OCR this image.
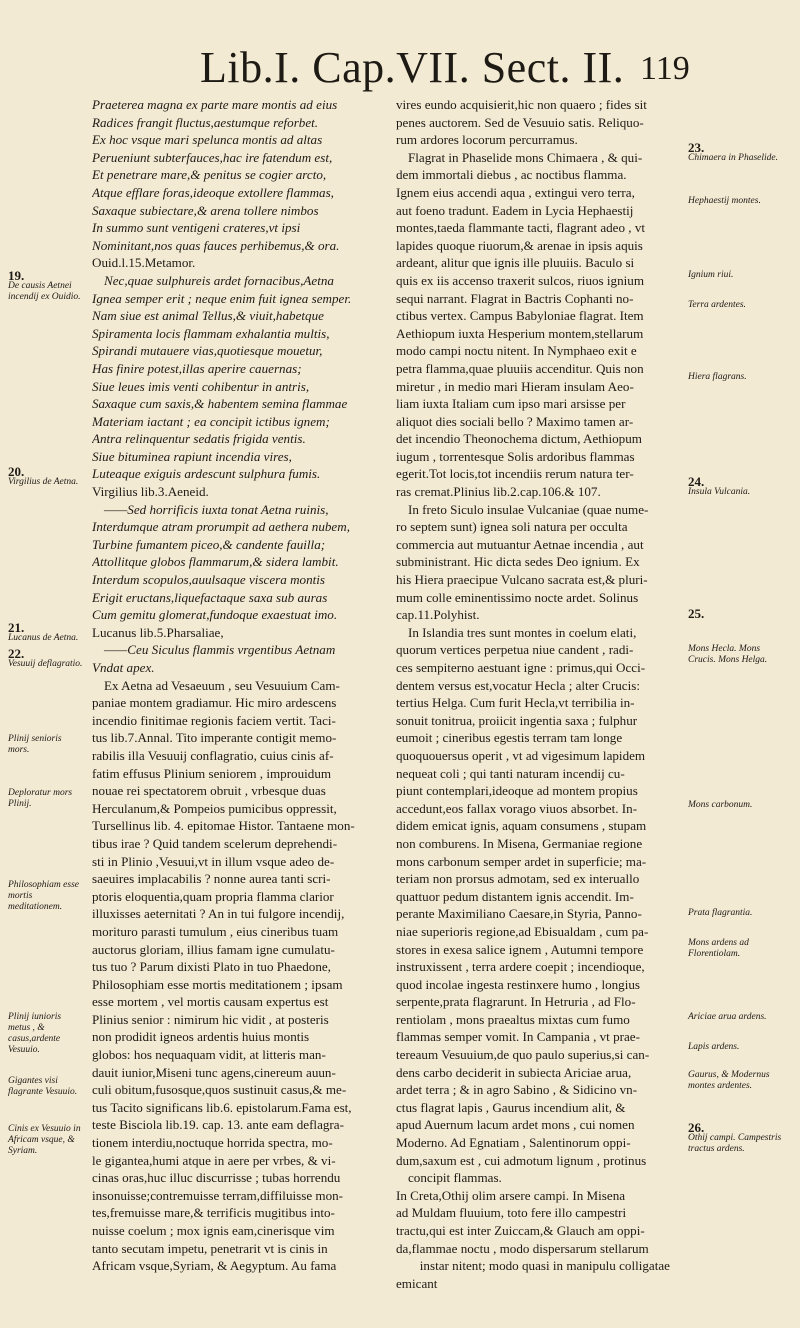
Lib.I. Cap.VII. Sect. II. 119

Praeterea magna ex parte mare montis ad eius

Radices frangit fluctus,aestumque reforbet.

Ex hoc vsque mari spelunca montis ad altas

Perueniunt subterfauces,hac ire fatendum est,

Et penetrare mare,& penitus se cogier arcto,

Atque efflare foras,ideoque extollere flammas,

Saxaque subiectare,& arena tollere nimbos

In summo sunt ventigeni crateres,vt ipsi

Nominitant,nos quas fauces perhibemus,& ora.

Ouid.l.15.Metamor.

Nec,quae sulphureis ardet fornacibus,Aetna

Ignea semper erit ; neque enim fuit ignea semper.

Nam siue est animal Tellus,& viuit,habetque

Spiramenta locis flammam exhalantia multis,

Spirandi mutauere vias,quotiesque mouetur,

Has finire potest,illas aperire cauernas;

Siue leues imis venti cohibentur in antris,

Saxaque cum saxis,& habentem semina flammae

Materiam iactant ; ea concipit ictibus ignem;

Antra relinquentur sedatis frigida ventis.

Siue bituminea rapiunt incendia vires,

Luteaque exiguis ardescunt sulphura fumis.

Virgilius lib.3.Aeneid.

——Sed horrificis iuxta tonat Aetna ruinis,

Interdumque atram prorumpit ad aethera nubem,

Turbine fumantem piceo,& candente fauilla;

Attollitque globos flammarum,& sidera lambit.

Interdum scopulos,auulsaque viscera montis

Erigit eructans,liquefactaque saxa sub auras

Cum gemitu glomerat,fundoque exaestuat imo.

Lucanus lib.5.Pharsaliae,

——Ceu Siculus flammis vrgentibus Aetnam

Vndat apex.

Ex Aetna ad Vesaeuum , seu Vesuuium Cam-

paniae montem gradiamur. Hic miro ardescens

incendio finitimae regionis faciem vertit. Taci-

tus lib.7.Annal. Tito imperante contigit memo-

rabilis illa Vesuuij conflagratio, cuius cinis af-

fatim effusus Plinium seniorem , improuidum

nouae rei spectatorem obruit , vrbesque duas

Herculanum,& Pompeios pumicibus oppressit,

Tursellinus lib. 4. epitomae Histor. Tantaene mon-

tibus irae ? Quid tandem scelerum deprehendi-

sti in Plinio ,Vesuui,vt in illum vsque adeo de-

saeuires implacabilis ? nonne aurea tanti scri-

ptoris eloquentia,quam propria flamma clarior

illuxisses aeternitati ? An in tui fulgore incendij,

morituro parasti tumulum , eius cineribus tuam

auctorus gloriam, illius famam igne cumulatu-

tus tuo ? Parum dixisti Plato in tuo Phaedone,

Philosophiam esse mortis meditationem ; ipsam

esse mortem , vel mortis causam expertus est

Plinius senior : nimirum hic vidit , at posteris

non prodidit igneos ardentis huius montis

globos: hos nequaquam vidit, at litteris man-

dauit iunior,Miseni tunc agens,cinereum auun-

culi obitum,fusosque,quos sustinuit casus,& me-

tus Tacito significans lib.6. epistolarum.Fama est,

teste Bisciola lib.19. cap. 13. ante eam deflagra-

tionem interdiu,noctuque horrida spectra, mo-

le gigantea,humi atque in aere per vrbes, & vi-

cinas oras,huc illuc discurrisse ; tubas horrendu

insonuisse;contremuisse terram,diffiluisse mon-

tes,fremuisse mare,& terrificis mugitibus into-

nuisse coelum ; mox ignis eam,cinerisque vim

tanto secutam impetu, penetrarit vt is cinis in

Africam vsque,Syriam, & Aegyptum. Au fama

vires eundo acquisierit,hic non quaero ; fides sit

penes auctorem. Sed de Vesuuio satis. Reliquo-

rum ardores locorum percurramus.

Flagrat in Phaselide mons Chimaera , & qui-

dem immortali diebus , ac noctibus flamma.

Ignem eius accendi aqua , extingui vero terra,

aut foeno tradunt. Eadem in Lycia Hephaestij

montes,taeda flammante tacti, flagrant adeo , vt

lapides quoque riuorum,& arenae in ipsis aquis

ardeant, alitur que ignis ille pluuiis. Baculo si

quis ex iis accenso traxerit sulcos, riuos ignium

sequi narrant. Flagrat in Bactris Cophanti no-

ctibus vertex. Campus Babyloniae flagrat. Item

Aethiopum iuxta Hesperium montem,stellarum

modo campi noctu nitent. In Nymphaeo exit e

petra flamma,quae pluuiis accenditur. Quis non

miretur , in medio mari Hieram insulam Aeo-

liam iuxta Italiam cum ipso mari arsisse per

aliquot dies sociali bello ? Maximo tamen ar-

det incendio Theonochema dictum, Aethiopum

iugum , torrentesque Solis ardoribus flammas

egerit.Tot locis,tot incendiis rerum natura ter-

ras cremat.Plinius lib.2.cap.106.& 107.

In freto Siculo insulae Vulcaniae (quae nume-

ro septem sunt) ignea soli natura per occulta

commercia aut mutuantur Aetnae incendia , aut

subministrant. Hic dicta sedes Deo ignium. Ex

his Hiera praecipue Vulcano sacrata est,& pluri-

mum colle eminentissimo nocte ardet. Solinus

cap.11.Polyhist.

In Islandia tres sunt montes in coelum elati,

quorum vertices perpetua niue candent , radi-

ces sempiterno aestuant igne : primus,qui Occi-

dentem versus est,vocatur Hecla ; alter Crucis:

tertius Helga. Cum furit Hecla,vt terribilia in-

sonuit tonitrua, proiicit ingentia saxa ; fulphur

eumoit ; cineribus egestis terram tam longe

quoquouersus operit , vt ad vigesimum lapidem

nequeat coli ; qui tanti naturam incendij cu-

piunt contemplari,ideoque ad montem propius

accedunt,eos fallax vorago viuos absorbet. In-

didem emicat ignis, aquam consumens , stupam

non comburens. In Misena, Germaniae regione

mons carbonum semper ardet in superficie; ma-

teriam non prorsus admotam, sed ex interuallo

quattuor pedum distantem ignis accendit. Im-

perante Maximiliano Caesare,in Styria, Panno-

niae superioris regione,ad Ebisualdam , cum pa-

stores in exesa salice ignem , Autumni tempore

instruxissent , terra ardere coepit ; incendioque,

quod incolae ingesta restinxere humo , longius

serpente,prata flagrarunt. In Hetruria , ad Flo-

rentiolam , mons praealtus mixtas cum fumo

flammas semper vomit. In Campania , vt prae-

tereaum Vesuuium,de quo paulo superius,si can-

dens carbo deciderit in subiecta Ariciae arua,

ardet terra ; & in agro Sabino , & Sidicino vn-

ctus flagrat lapis , Gaurus incendium alit, &

apud Auernum lacum ardet mons , cui nomen

Moderno. Ad Egnatiam , Salentinorum oppi-

dum,saxum est , cui admotum lignum , protinus

concipit flammas.

In Creta,Othij olim arsere campi. In Misena

ad Muldam fluuium, toto fere illo campestri

tractu,qui est inter Zuiccam,& Glauch am oppi-

da,flammae noctu , modo dispersarum stellarum

instar nitent; modo quasi in manipulu colligatae

emicant

19.
De causis Aetnei incendij ex Ouidio.
20.
Virgilius de Aetna.
21.
Lucanus de Aetna.
22.
Vesuuij deflagratio.
Plinij senioris mors.
Deploratur mors Plinij.
Philosophiam esse mortis meditationem.
Plinij iunioris metus , & casus,ardente Vesuuio.
Gigantes visi flagrante Vesuuio.
Cinis ex Vesuuio in Africam vsque, & Syriam.
23.
Chimaera in Phaselide.
Hephaestij montes.
Ignium riui.
Terra ardentes.
Hiera flagrans.
24.
Insula Vulcania.
25.
Mons Hecla. Mons Crucis. Mons Helga.
Mons carbonum.
Prata flagrantia.
Mons ardens ad Florentiolam.
Ariciae arua ardens.
Lapis ardens.
Gaurus, & Modernus montes ardentes.
26.
Othij campi. Campestris tractus ardens.
